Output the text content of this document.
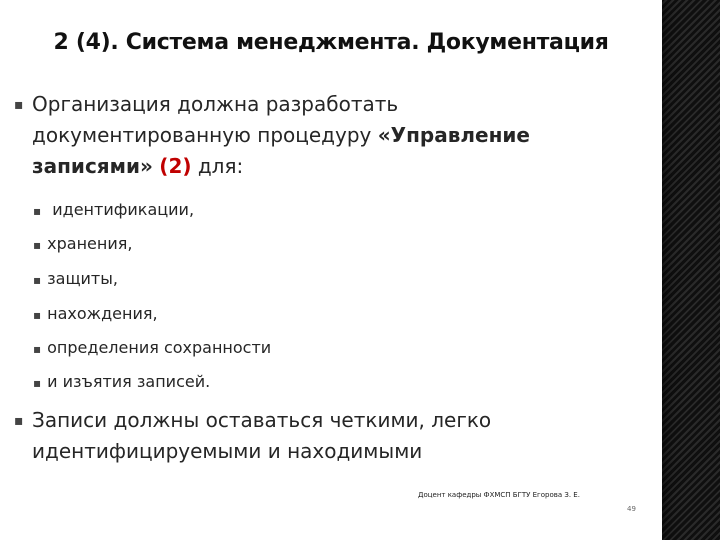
2 (4). Система менеджмента. Документация
▪ Организация должна разработать документированную процедуру «Управление записями» (2) для:
▪ идентификации,
▪ хранения,
▪ защиты,
▪ нахождения,
▪ определения сохранности
▪ и изъятия записей.
▪ Записи должны оставаться четкими, легко идентифицируемыми и находимыми
Доцент кафедры ФХМСП БГТУ Егорова З. Е.
49
